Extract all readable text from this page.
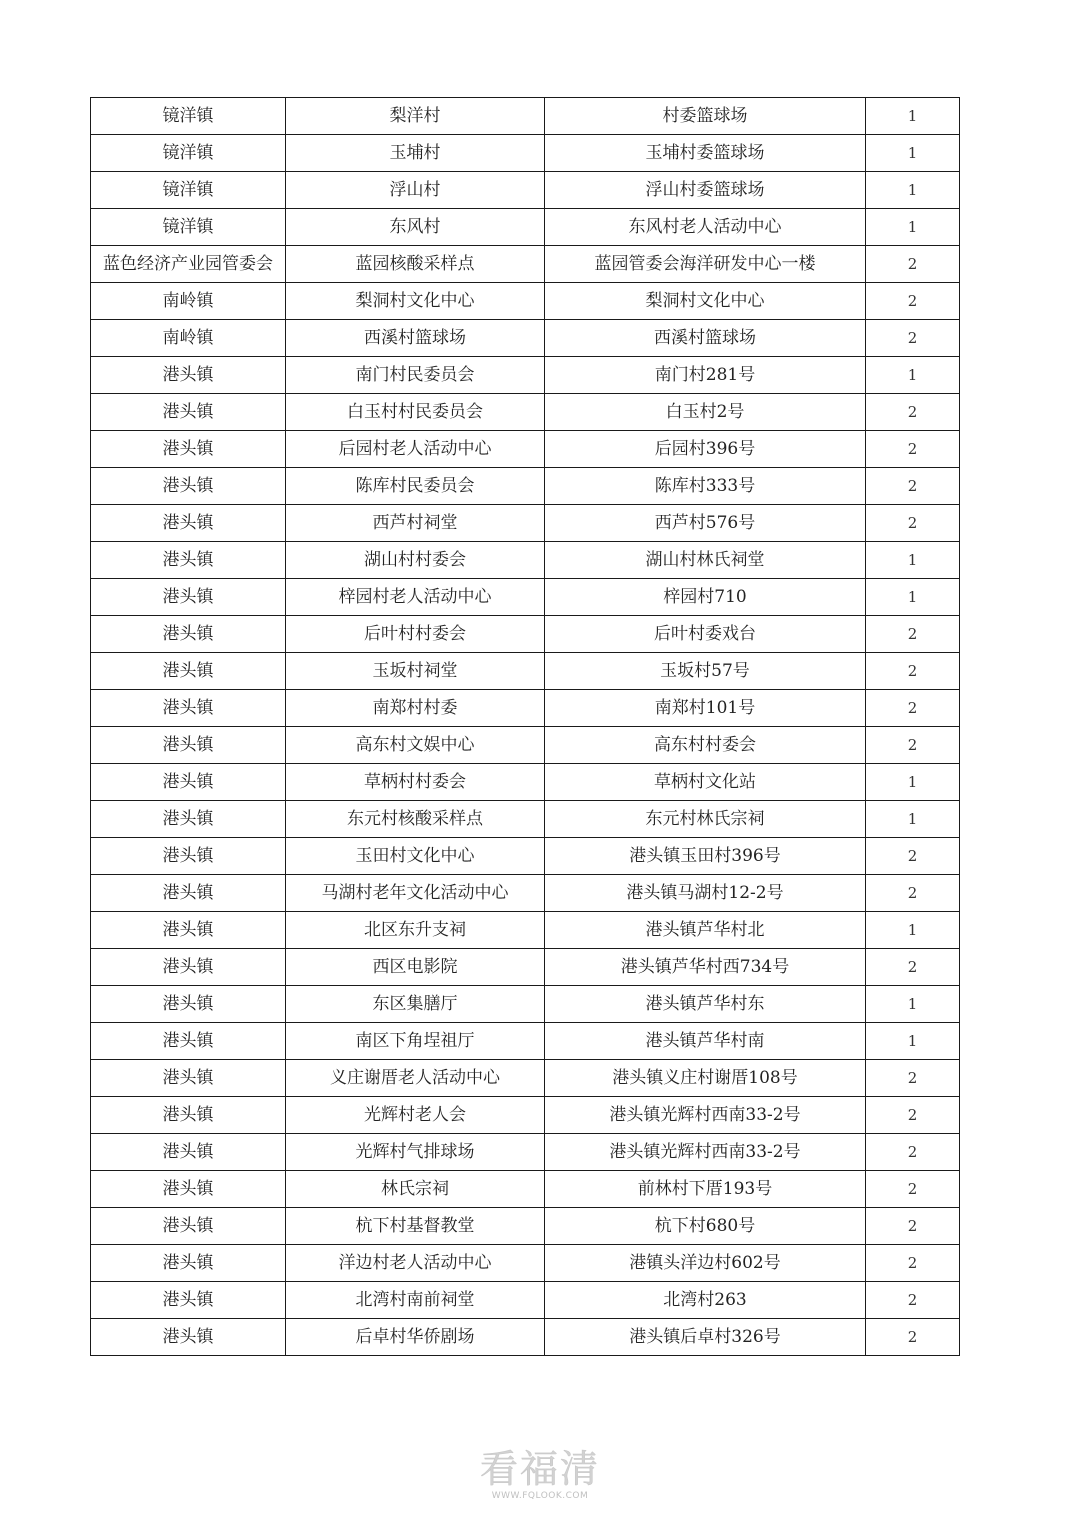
镜洋镇	梨洋村	村委篮球场	1
镜洋镇	玉埔村	玉埔村委篮球场	1
镜洋镇	浮山村	浮山村委篮球场	1
镜洋镇	东风村	东风村老人活动中心	1
蓝色经济产业园管委会	蓝园核酸采样点	蓝园管委会海洋研发中心一楼	2
南岭镇	梨洞村文化中心	梨洞村文化中心	2
南岭镇	西溪村篮球场	西溪村篮球场	2
港头镇	南门村民委员会	南门村281号	1
港头镇	白玉村村民委员会	白玉村2号	2
港头镇	后园村老人活动中心	后园村396号	2
港头镇	陈库村民委员会	陈库村333号	2
港头镇	西芦村祠堂	西芦村576号	2
港头镇	湖山村村委会	湖山村林氏祠堂	1
港头镇	梓园村老人活动中心	梓园村710	1
港头镇	后叶村村委会	后叶村委戏台	2
港头镇	玉坂村祠堂	玉坂村57号	2
港头镇	南郑村村委	南郑村101号	2
港头镇	高东村文娱中心	高东村村委会	2
港头镇	草柄村村委会	草柄村文化站	1
港头镇	东元村核酸采样点	东元村林氏宗祠	1
港头镇	玉田村文化中心	港头镇玉田村396号	2
港头镇	马湖村老年文化活动中心	港头镇马湖村12-2号	2
港头镇	北区东升支祠	港头镇芦华村北	1
港头镇	西区电影院	港头镇芦华村西734号	2
港头镇	东区集膳厅	港头镇芦华村东	1
港头镇	南区下角埕祖厅	港头镇芦华村南	1
港头镇	义庄谢厝老人活动中心	港头镇义庄村谢厝108号	2
港头镇	光辉村老人会	港头镇光辉村西南33-2号	2
港头镇	光辉村气排球场	港头镇光辉村西南33-2号	2
港头镇	林氏宗祠	前林村下厝193号	2
港头镇	杭下村基督教堂	杭下村680号	2
港头镇	洋边村老人活动中心	港镇头洋边村602号	2
港头镇	北湾村南前祠堂	北湾村263	2
港头镇	后卓村华侨剧场	港头镇后卓村326号	2
看福清
WWW.FQLOOK.COM
